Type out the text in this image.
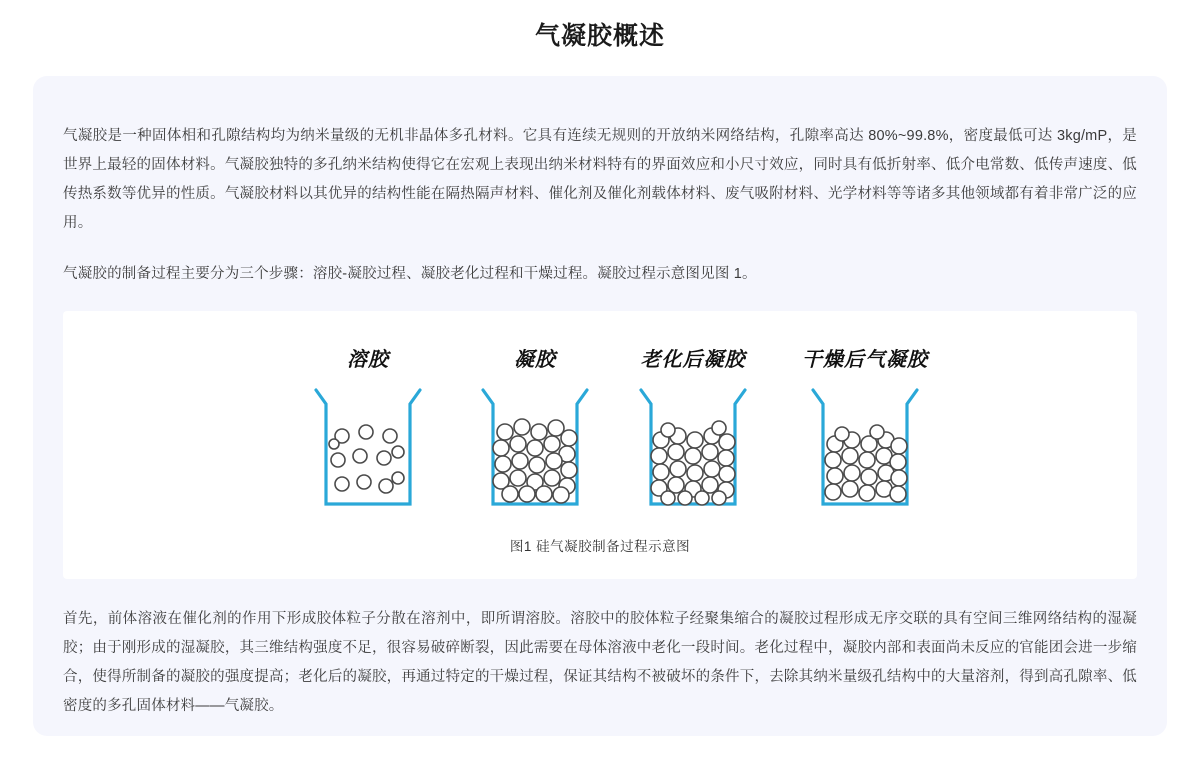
气凝胶概述

气凝胶是一种固体相和孔隙结构均为纳米量级的无机非晶体多孔材料。它具有连续无规则的开放纳米网络结构，孔隙率高达 80%~99.8%，密度最低可达 3kg/mP，是世界上最轻的固体材料。气凝胶独特的多孔纳米结构使得它在宏观上表现出纳米材料特有的界面效应和小尺寸效应，同时具有低折射率、低介电常数、低传声速度、低传热系数等优异的性质。气凝胶材料以其优异的结构性能在隔热隔声材料、催化剂及催化剂载体材料、废气吸附材料、光学材料等等诸多其他领域都有着非常广泛的应用。

气凝胶的制备过程主要分为三个步骤：溶胶-凝胶过程、凝胶老化过程和干燥过程。凝胶过程示意图见图 1。

溶胶	凝胶	老化后凝胶	干燥后气凝胶
图1 硅气凝胶制备过程示意图

首先，前体溶液在催化剂的作用下形成胶体粒子分散在溶剂中，即所谓溶胶。溶胶中的胶体粒子经聚集缩合的凝胶过程形成无序交联的具有空间三维网络结构的湿凝胶；由于刚形成的湿凝胶，其三维结构强度不足，很容易破碎断裂，因此需要在母体溶液中老化一段时间。老化过程中，凝胶内部和表面尚未反应的官能团会进一步缩合，使得所制备的凝胶的强度提高；老化后的凝胶，再通过特定的干燥过程，保证其结构不被破坏的条件下，去除其纳米量级孔结构中的大量溶剂，得到高孔隙率、低密度的多孔固体材料——气凝胶。
